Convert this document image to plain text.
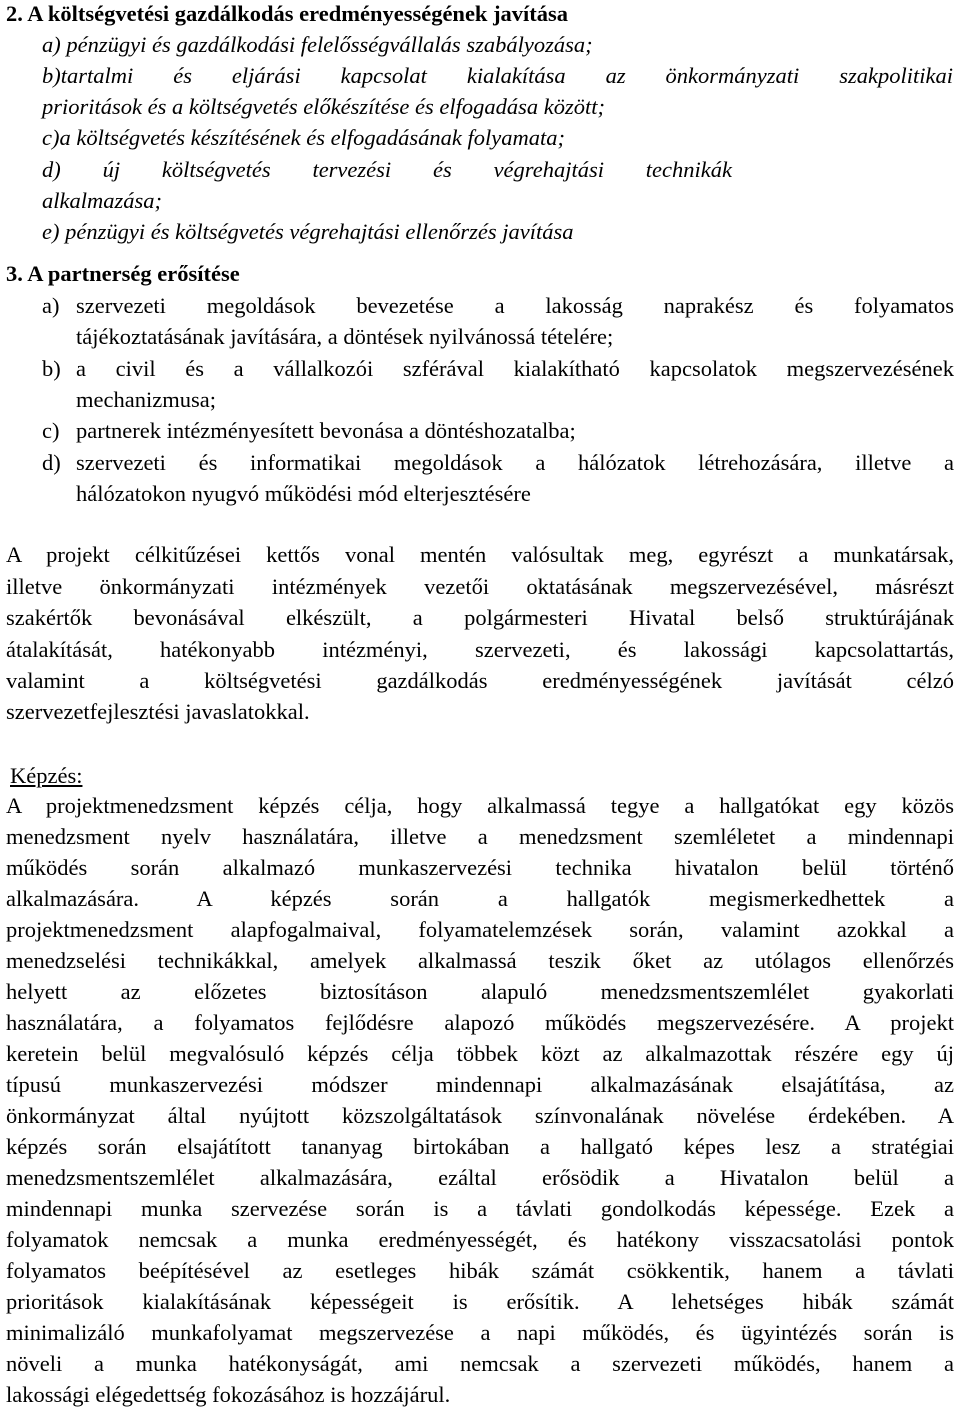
2. A költségvetési gazdálkodás eredményességének javítása
a) pénzügyi és gazdálkodási felelősségvállalás szabályozása;
b)tartalmi és eljárási kapcsolat kialakítása az önkormányzati szakpolitikai
prioritások és a költségvetés előkészítése és elfogadása között;
c)a költségvetés készítésének és elfogadásának folyamata;
d) új költségvetés tervezési és végrehajtási technikák
alkalmazása;
e) pénzügyi és költségvetés végrehajtási ellenőrzés javítása
3. A partnerség erősítése
a) szervezeti megoldások bevezetése a lakosság naprakész és folyamatos
tájékoztatásának javítására, a döntések nyilvánossá tételére;
b) a civil és a vállalkozói szférával kialakítható kapcsolatok megszervezésének
mechanizmusa;
c) partnerek intézményesített bevonása a döntéshozatalba;
d) szervezeti és informatikai megoldások a hálózatok létrehozására, illetve a
hálózatokon nyugvó működési mód elterjesztésére
A projekt célkitűzései kettős vonal mentén valósultak meg, egyrészt a munkatársak,
illetve önkormányzati intézmények vezetői oktatásának megszervezésével, másrészt
szakértők bevonásával elkészült, a polgármesteri Hivatal belső struktúrájának
átalakítását, hatékonyabb intézményi, szervezeti, és lakossági kapcsolattartás,
valamint a költségvetési gazdálkodás eredményességének javítását célzó
szervezetfejlesztési javaslatokkal.
Képzés:
A projektmenedzsment képzés célja, hogy alkalmassá tegye a hallgatókat egy közös
menedzsment nyelv használatára, illetve a menedzsment szemléletet a mindennapi
működés során alkalmazó munkaszervezési technika hivatalon belül történő
alkalmazására. A képzés során a hallgatók megismerkedhettek a
projektmenedzsment alapfogalmaival, folyamatelemzések során, valamint azokkal a
menedzselési technikákkal, amelyek alkalmassá teszik őket az utólagos ellenőrzés
helyett az előzetes biztosításon alapuló menedzsmentszemlélet gyakorlati
használatára, a folyamatos fejlődésre alapozó működés megszervezésére. A projekt
keretein belül megvalósuló képzés célja többek közt az alkalmazottak részére egy új
típusú munkaszervezési módszer mindennapi alkalmazásának elsajátítása, az
önkormányzat által nyújtott közszolgáltatások színvonalának növelése érdekében. A
képzés során elsajátított tananyag birtokában a hallgató képes lesz a stratégiai
menedzsmentszemlélet alkalmazására, ezáltal erősödik a Hivatalon belül a
mindennapi munka szervezése során is a távlati gondolkodás képessége. Ezek a
folyamatok nemcsak a munka eredményességét, és hatékony visszacsatolási pontok
folyamatos beépítésével az esetleges hibák számát csökkentik, hanem a távlati
prioritások kialakításának képességeit is erősítik. A lehetséges hibák számát
minimalizáló munkafolyamat megszervezése a napi működés, és ügyintézés során is
növeli a munka hatékonyságát, ami nemcsak a szervezeti működés, hanem a
lakossági elégedettség fokozásához is hozzájárul.
